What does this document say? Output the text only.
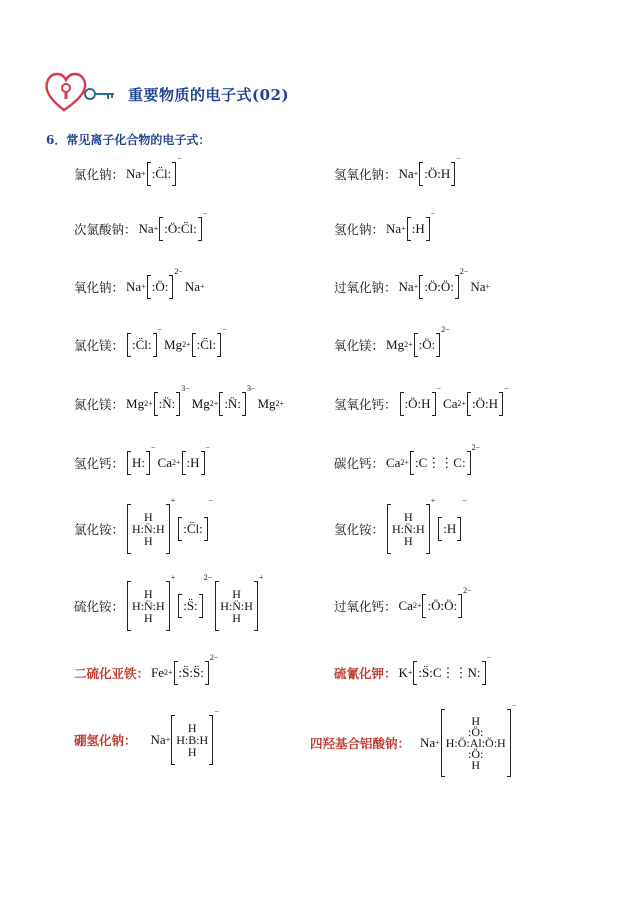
重要物质的电子式(02)
6．常见离子化合物的电子式：
氯化钠： Na + :C̈l:
−
氢氧化钠： Na + :Ö:H
−
次氯酸钠： Na + :Ö:C̈l:
−
氢化钠： Na + :H
−
氧化钠： Na + :Ö:
2−
Na +	过氧化钠： Na + :Ö:Ö:
2−
Na +
氯化镁： :C̈l:
−
Mg 2+ :C̈l:
−
氧化镁： Mg 2+ :Ö:
2−
氮化镁： Mg 2+ :N̈:
3−
Mg 2+ :N̈:
3−
Mg 2+	氢氧化钙： :Ö:H
−
Ca 2+ :Ö:H
−
氢化钙： H:
−
Ca 2+ :H
−
碳化钙： Ca 2+ :C⋮⋮C:
2−
氯化铵：
H
H:N̈:H
H
+
:C̈l:
−
氢化铵：
H
H:N̈:H
H
+
:H
−
硫化铵：
H
H:N̈:H
H
+
:S̈:
2−
H
H:N̈:H
H
+
过氧化钙： Ca 2+ :Ö:Ö:
2−
二硫化亚铁： Fe 2+ :S̈:S̈:
2−
硫氰化钾： K + :S̈:C⋮⋮N:
−
硼氢化钠： Na +
H
H:B:H
H
−
四羟基合铝酸钠： Na +
H
:Ö:
H:Ö:Al:Ö:H
:Ö:
H
−
